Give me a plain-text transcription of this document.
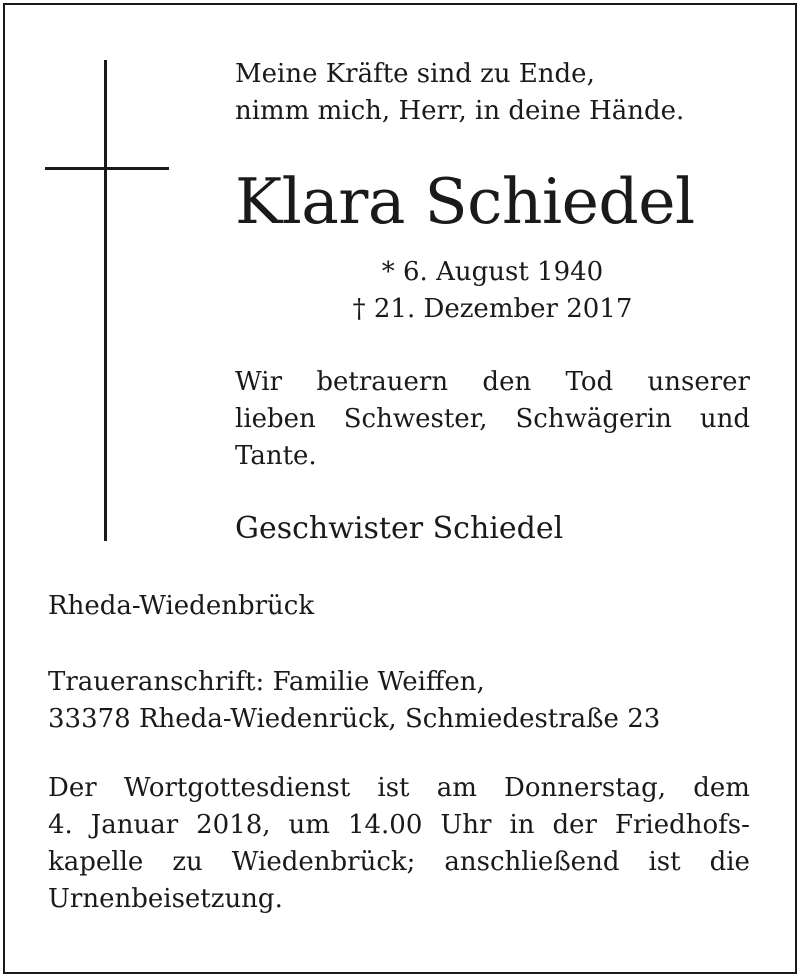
Meine Kräfte sind zu Ende,
nimm mich, Herr, in deine Hände.
Klara Schiedel
* 6. August 1940
† 21. Dezember 2017
Wir betrauern den Tod unserer
lieben Schwester, Schwägerin und
Tante.
Geschwister Schiedel
Rheda-Wiedenbrück
Traueranschrift: Familie Weiffen,
33378 Rheda-Wiedenrück, Schmiedestraße 23
Der Wortgottesdienst ist am Donnerstag, dem
4. Januar 2018, um 14.00 Uhr in der Friedhofs-
kapelle zu Wiedenbrück; anschließend ist die
Urnenbeisetzung.
